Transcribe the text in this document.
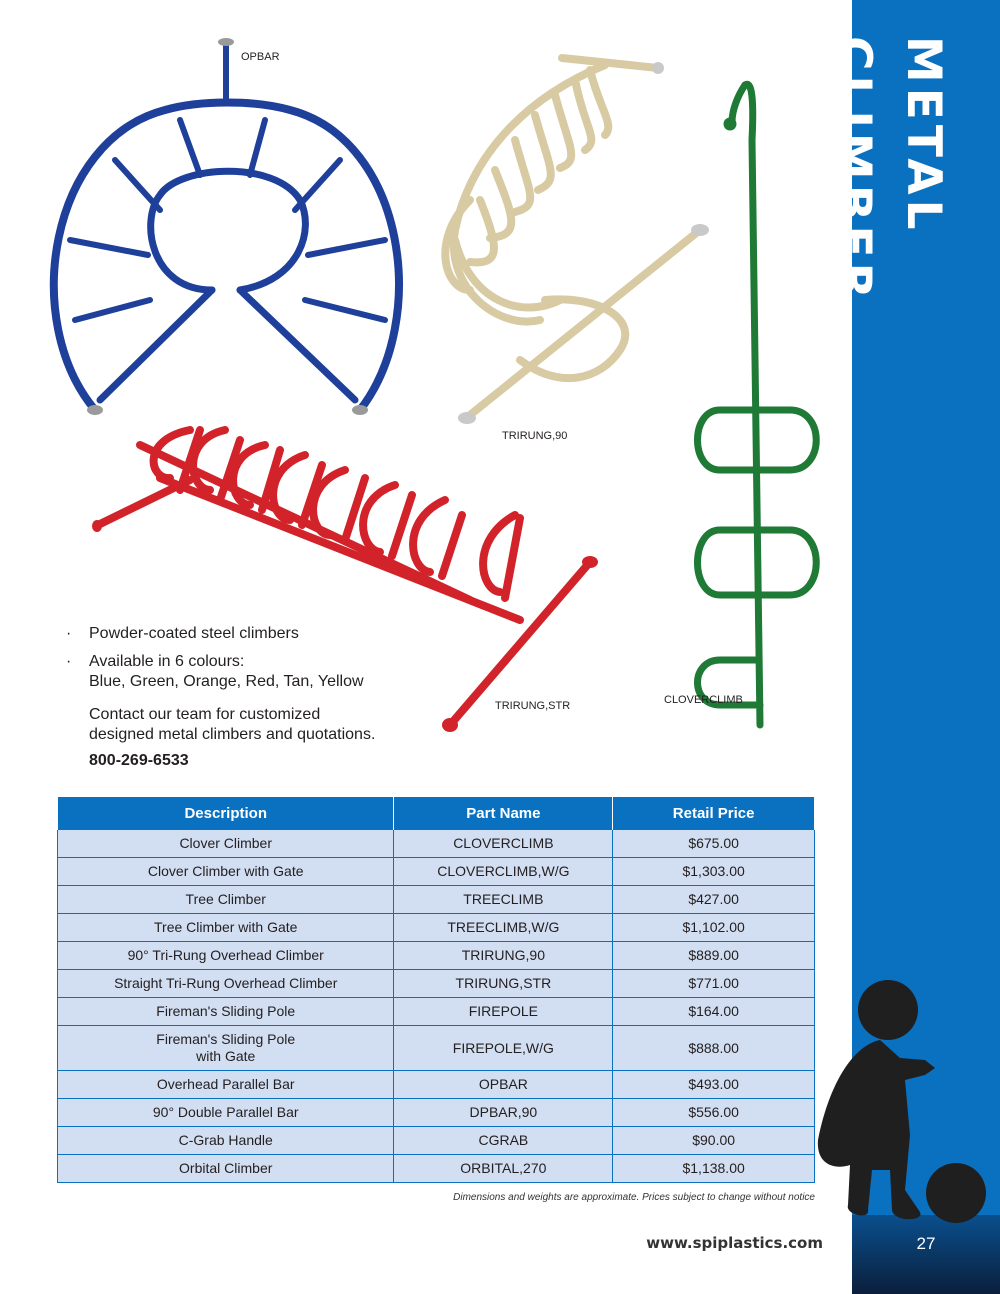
METAL CLIMBER
OPBAR
TRIRUNG,90
TRIRUNG,STR	CLOVERCLIMB
· Powder-coated steel climbers
· Available in 6 colours:
Blue, Green, Orange, Red, Tan, Yellow
Contact our team for customized
designed metal climbers and quotations.
800-269-6533
Description	Part Name	Retail Price
Clover Climber	CLOVERCLIMB	$675.00
Clover Climber with Gate	CLOVERCLIMB,W/G	$1,303.00
Tree Climber	TREECLIMB	$427.00
Tree Climber with Gate	TREECLIMB,W/G	$1,102.00
90° Tri-Rung Overhead Climber	TRIRUNG,90	$889.00
Straight Tri-Rung Overhead Climber	TRIRUNG,STR	$771.00
Fireman's Sliding Pole	FIREPOLE	$164.00
Fireman's Sliding Pole
with Gate	FIREPOLE,W/G	$888.00
Overhead Parallel Bar	OPBAR	$493.00
90° Double Parallel Bar	DPBAR,90	$556.00
C-Grab Handle	CGRAB	$90.00
Orbital Climber	ORBITAL,270	$1,138.00
Dimensions and weights are approximate. Prices subject to change without notice
www.spiplastics.com	27
